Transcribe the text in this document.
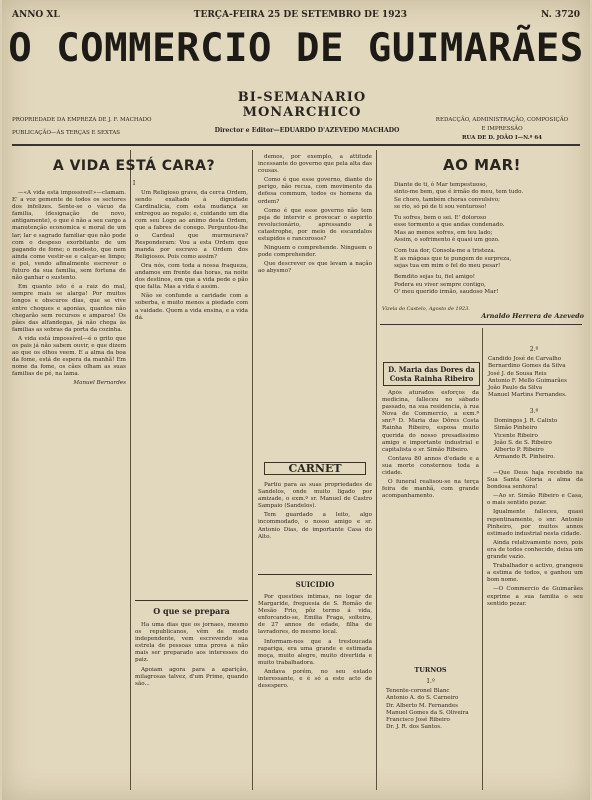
ANNO XL	TERÇA-FEIRA 25 DE SETEMBRO DE 1923	N. 3720
O COMMERCIO DE GUIMARÃES
BI-SEMANARIO MONARCHICO
PROPRIEDADE DA EMPREZA DE J. F. MACHADO
PUBLICAÇÃO—ÁS TERÇAS E SEXTAS	Director e Editor—EDUARDO D'AZEVEDO MACHADO
REDACÇÃO, ADMINISTRAÇÃO, COMPOSIÇÃO
E IMPRESSÃO
RUA DE D. JOÃO I—N.º 64
A VIDA ESTÁ CARA?
I

—«A vida está impossivel!»—clamam. E' a voz gemente de todos os sectores dos infelizes. Sente-se o vácuo da familia, (designação de novo, antigamente), o que é não a seu cargo a manutenção economica e moral de um lar; lar e sagrado familiar que não pode com o despeso exorbitante de um pagando de fome; o modesto, que nem ainda come vestir-se e calçar-se limpo; e pol, vendo afinalmente escrever o futuro da sua familia, sem fortuna de não ganhar o sustento.

Em quanto isto é a raiz do mal, sempre mais se alarga! Por muitos longos e obscuros dias, que se vive entre choques e agonias, quantos não chegarão sem recursos e amparos! Os pães das alfandegas, já não chega às familias as sobras da porta da cozinha.

A vida está impossível—é o grito que os pais já não sabem ouvir, e que dizem ao que os olhos veem. E a alma da boa da fome, está de espera da manhã! Em nome da fome, os cães olham as suas familias de pé, na lama.

Manuel Bernardes

Um Religioso grave, da cerca Ordem, sendo exaltado à dignidade Cardinalicia, com esta mudança se entregou ao regalo; e, cuidando um dia com seu Logo ao animo desta Ordem, que a fabres de conego. Perguntou-lhe o Cardeal que murmurava? Responderam: Vou a esta Ordem que manda por escravo a Ordem dos Religiosos. Pois como assim?

Ora nós, com toda a nossa fraqueza, andamos em frente das horas, na noite dos destinos, em que a vida pede o pão que falta. Mas a vida é assim.

Não se confunde a caridade com a soberba, e muito menos a piedade com a vaidade. Quem a vida ensina, e a vida dá.

O que se prepara

Ha uma dias que os jornaes, mesmo os republicanos, vêm de modo independente, vem escrevendo sua estrela de pessoas uma prova a não mais ser preparado aos interesses do paiz.

Apoiam agora para a aparição, milagrosas talvez, d'um Prime, quando são...

demos, por exemplo, a attitude incessante do governo que pela alta das cousas.

Como é que esse governo, diante do perigo, não recua, com movimento da defesa commum, todos os homens da ordem?

Como é que esse governo não tem peja de intervir e provocar o espirito revolucionário, apressando a catastrophe, por meio de escandalos estupidos e rancorosos?

Ninguem o comprehende. Ninguem o pode comprehender.

Que descrever os que levam a nação ao abysmo?

CARNET

Partiu para as suas propriedades de Sandelos, onde muito ligado por amizade, o exm.º sr. Manuel de Castro Sampaio (Sandelos).

Tem guardado a leito, algo incommodado, o nosso amigo e sr. Antonio Dias, de importante Casa do Alto.

SUICIDIO

Por questões intimas, no logar de Margaride, freguesia de S. Romão de Mesão Frio, pôz termo á vida, enforcando-se, Emilia Fraga, solteira, de 27 annos de edade, filha de lavradores, do mesmo local.

Informam-nos que a tresloucada rapariga, era uma grande e estimada moça, muito alegre, muito divertida e muito trabalhadora.

Andava porém, no seu estado interessante, e é só a este acto de desespero.

AO MAR!
Diante de ti, ó Mar tempestuoso,
sinto-me bem, que é irmão do meu, tem tudo.
Se choro, também choras convulsivo;
se rio, só pó de ti sou venturoso!
Tu sofres, bem o sei. E' doloroso
esse tormento a que andas condenado.
Mas ao menos sofres, em teu lado;
Assim, o sofrimento é quasi um gozo.
Com tua dor, Consola-me a tristeza.
E as mágoas que te pungem de surpreza,
sejas tua em mim o fel do meu pesar!
Bemdito sejas tu, fiel amigo!
Podera eu viver sempre contigo,
O' meu querido irmão, saudoso Mar!
Vizela do Castelo, Agosto de 1923.
Arnaldo Herrera de Azevedo
D. Maria das Dores da
Costa Rainha Ribeiro

Após aturados esforços da medicina, falleceu no sábado passado, na sua residencia, à rua Nova de Commercio, a exm.ª snr.ª D. Maria das Dôres Costa Rainha Ribeiro, esposa muito querida do nosso presadissimo amigo e importante industrial e capitalista o sr. Simão Ribeiro.

Contava 80 annos d'edade e a sua morte consternou toda a cidade.

O funeral realisou-se na terça feira de manhã, com grande acompanhamento.

TURNOS
1.º
Tenente-coronel Blanc
Antonio A. do S. Carneiro
Dr. Alberto M. Fernandes
Manuel Gomes da S. Oliveira
Francisco José Ribeiro
Dr. J. R. dos Santos.
2.º
Candido José de Carvalho
Bernardino Gomes da Silva
José J. de Sousa Reis
Antonio F. Mello Guimarães
João Paulo da Silva
Manuel Martins Fernandes.
3.º
Domingos J. R. Calixto
Simão Pinheiro
Vicente Ribeiro
João S. de S. Ribeiro
Alberto P. Ribeiro
Armando R. Pinheiro.

—Que Deus haja recebido na Sua Santa Gloria a alma da bondosa senhora!

—Ao sr. Simão Ribeiro e Casa, o mais sentido pezar.

Igualmente falleceu, quasi repentinamente, o snr. Antonio Pinheiro, por muitos annos estimado industrial nesta cidade.

Ainda relativamente novo, pois era de todos conhecido, deixa um grande vazio.

Trabalhador e activo, grangeou a estima de todos, e ganhou um bom nome.

—O Commercio de Guimarães exprime a sua familia o seu sentido pezar.
